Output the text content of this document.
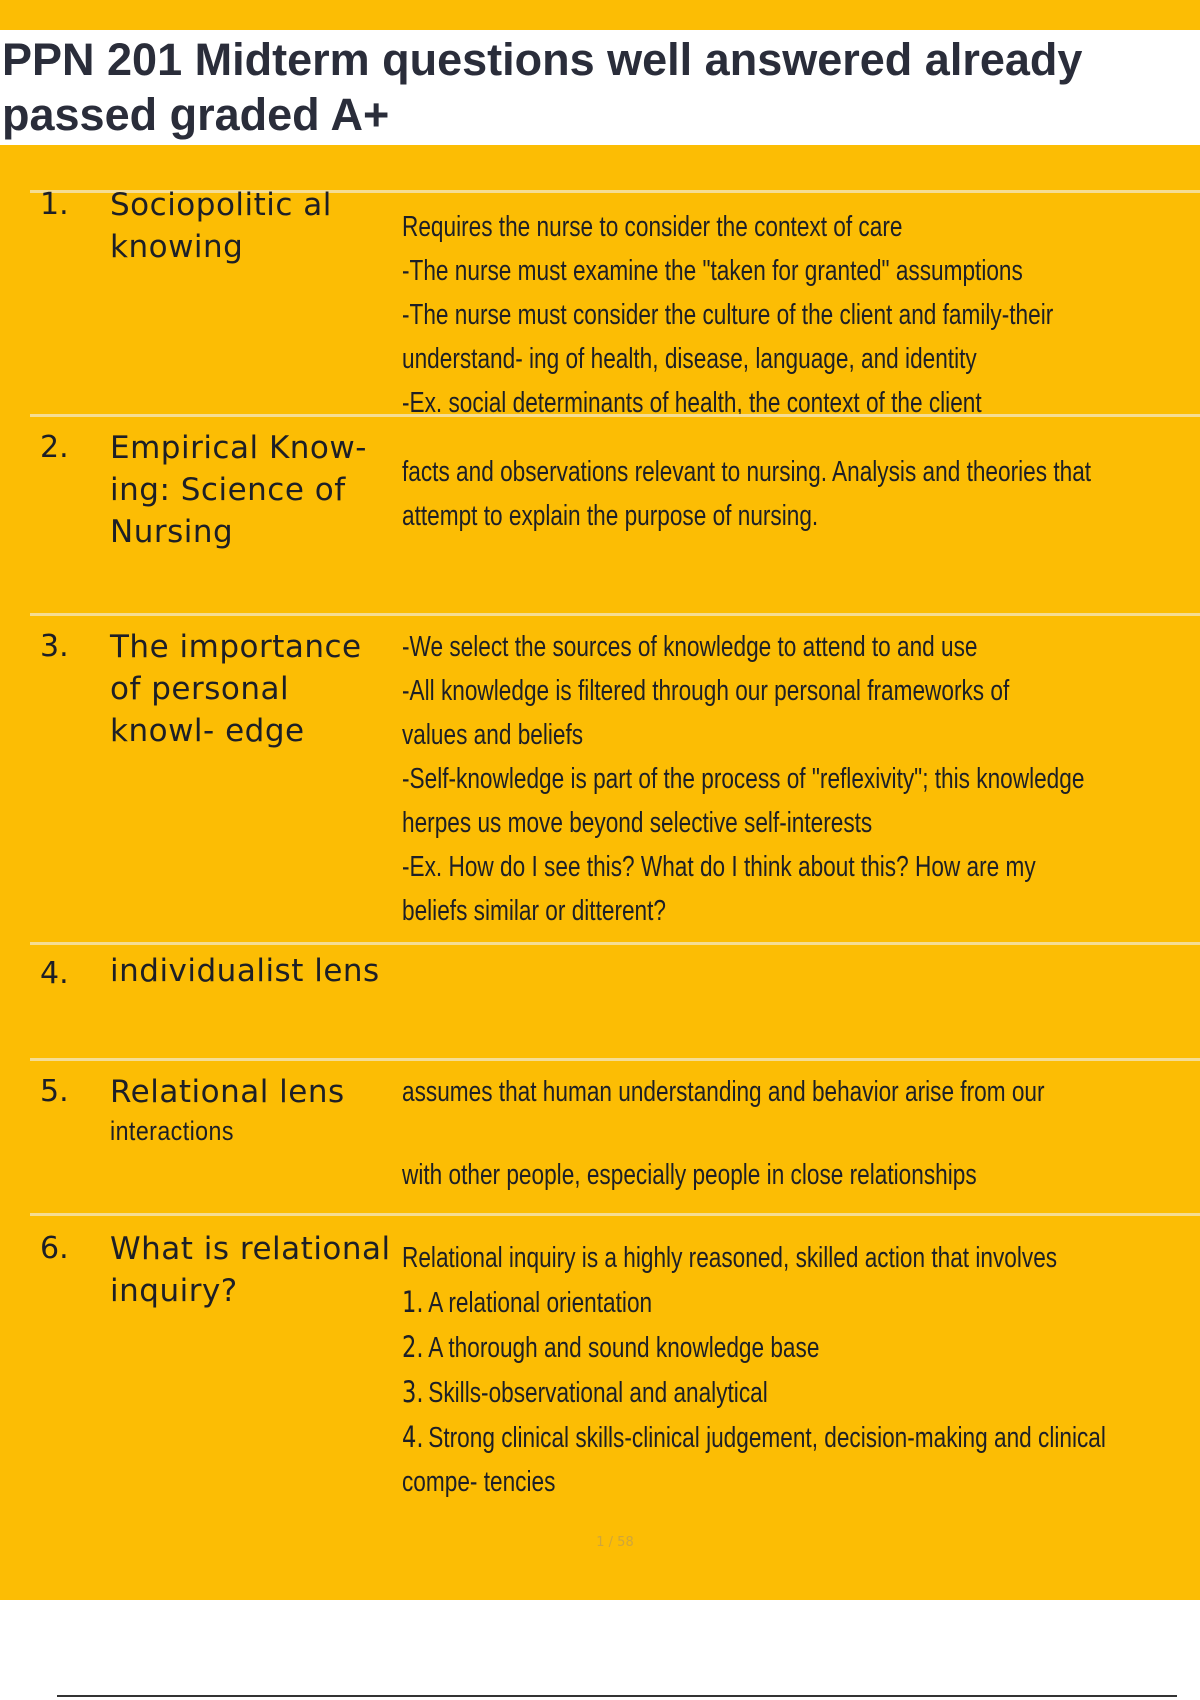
PPN 201 Midterm questions well answered already passed graded A+
1. Sociopolitic al knowing

Requires the nurse to consider the context of care

-The nurse must examine the "taken for granted" assumptions

-The nurse must consider the culture of the client and family-their

understand- ing of health, disease, language, and identity

-Ex. social determinants of health, the context of the client

2. Empirical Know- ing: Science of Nursing

facts and observations relevant to nursing. Analysis and theories that

attempt to explain the purpose of nursing.

3. The importance of personal knowl- edge

-We select the sources of knowledge to attend to and use

-All knowledge is filtered through our personal frameworks of

values and beliefs

-Self-knowledge is part of the process of "reflexivity"; this knowledge

herpes us move beyond selective self-interests

-Ex. How do I see this? What do I think about this? How are my

beliefs similar or ditterent?

4. individualist lens
5. Relational lens
interactions

assumes that human understanding and behavior arise from our

with other people, especially people in close relationships

6. What is relational inquiry?

Relational inquiry is a highly reasoned, skilled action that involves

1. A relational orientation

2. A thorough and sound knowledge base

3. Skills-observational and analytical

4. Strong clinical skills-clinical judgement, decision-making and clinical

compe- tencies

1 / 58
